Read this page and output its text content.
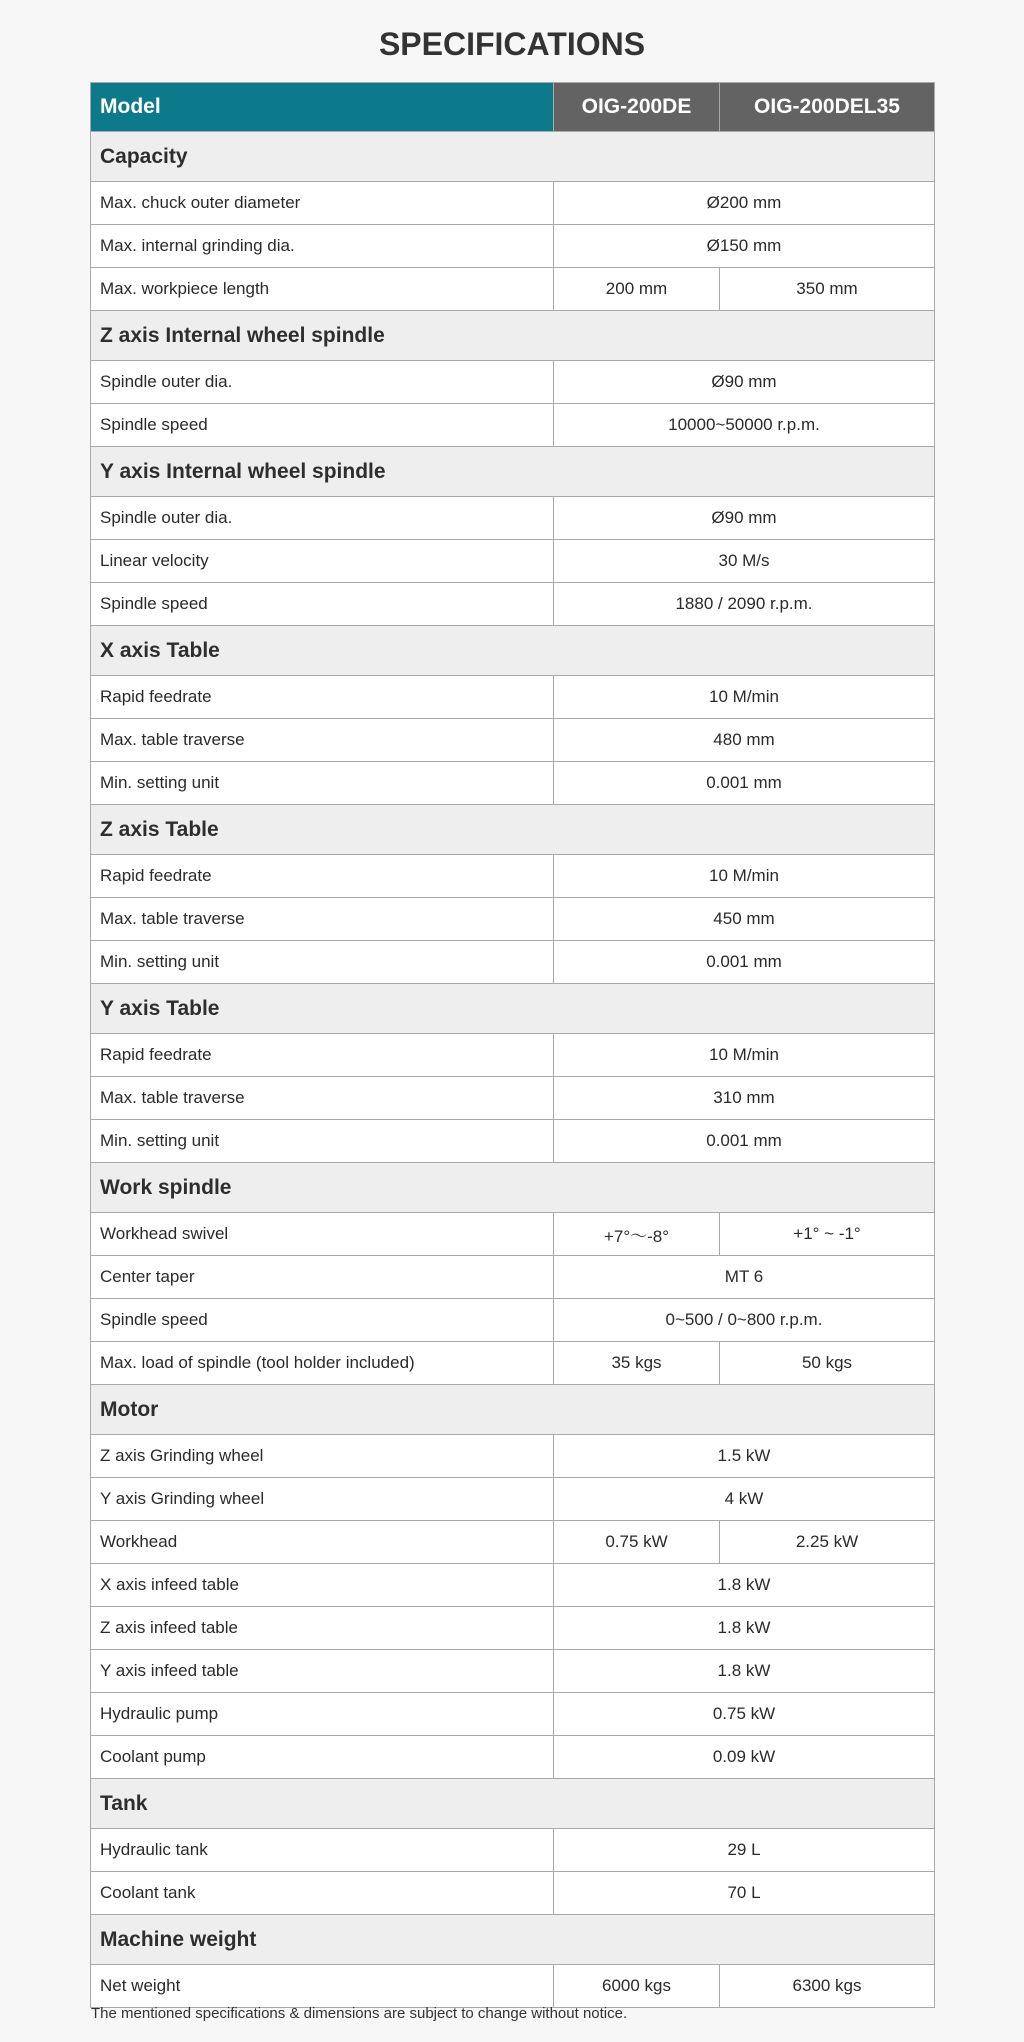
SPECIFICATIONS
Model	OIG-200DE	OIG-200DEL35
Capacity		
Max. chuck outer diameter	Ø200 mm	
Max. internal grinding dia.	Ø150 mm	
Max. workpiece length	200 mm	350 mm
Z axis Internal wheel spindle		
Spindle outer dia.	Ø90 mm	
Spindle speed	10000~50000 r.p.m.	
Y axis Internal wheel spindle		
Spindle outer dia.	Ø90 mm	
Linear velocity	30 M/s	
Spindle speed	1880 / 2090 r.p.m.	
X axis Table		
Rapid feedrate	10 M/min	
Max. table traverse	480 mm	
Min. setting unit	0.001 mm	
Z axis Table		
Rapid feedrate	10 M/min	
Max. table traverse	450 mm	
Min. setting unit	0.001 mm	
Y axis Table		
Rapid feedrate	10 M/min	
Max. table traverse	310 mm	
Min. setting unit	0.001 mm	
Work spindle		
Workhead swivel	+7°～-8°	+1° ~ -1°
Center taper	MT 6	
Spindle speed	0~500 / 0~800 r.p.m.	
Max. load of spindle (tool holder included)	35 kgs	50 kgs
Motor		
Z axis Grinding wheel	1.5 kW	
Y axis Grinding wheel	4 kW	
Workhead	0.75 kW	2.25 kW
X axis infeed table	1.8 kW	
Z axis infeed table	1.8 kW	
Y axis infeed table	1.8 kW	
Hydraulic pump	0.75 kW	
Coolant pump	0.09 kW	
Tank		
Hydraulic tank	29 L	
Coolant tank	70 L	
Machine weight		
Net weight	6000 kgs	6300 kgs

The mentioned specifications & dimensions are subject to change without notice.
